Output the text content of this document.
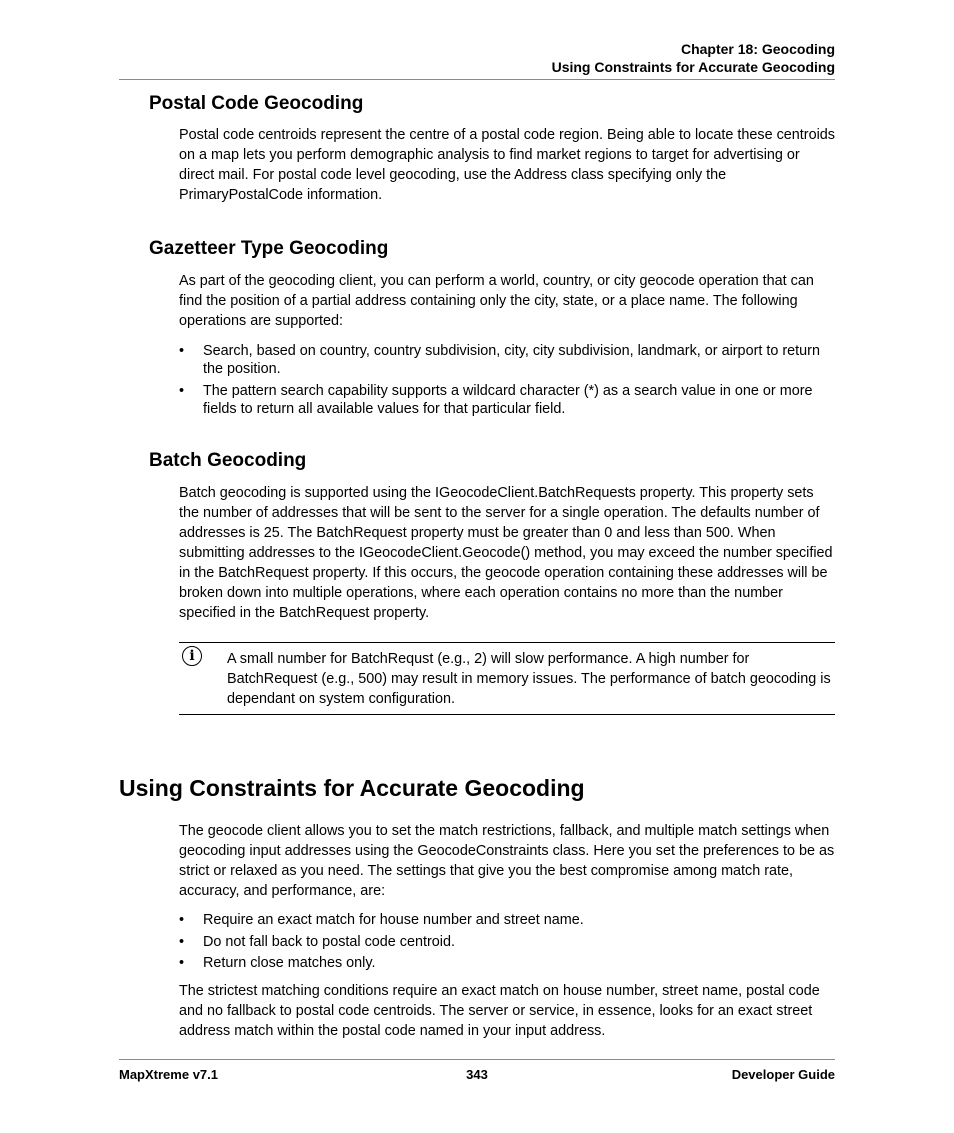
Chapter 18: Geocoding
Using Constraints for Accurate Geocoding
Postal Code Geocoding

Postal code centroids represent the centre of a postal code region. Being able to locate these centroids on a map lets you perform demographic analysis to find market regions to target for advertising or direct mail. For postal code level geocoding, use the Address class specifying only the PrimaryPostalCode information.

Gazetteer Type Geocoding

As part of the geocoding client, you can perform a world, country, or city geocode operation that can find the position of a partial address containing only the city, state, or a place name. The following operations are supported:

• Search, based on country, country subdivision, city, city subdivision, landmark, or airport to return the position.
• The pattern search capability supports a wildcard character (*) as a search value in one or more fields to return all available values for that particular field.
Batch Geocoding

Batch geocoding is supported using the IGeocodeClient.BatchRequests property. This property sets the number of addresses that will be sent to the server for a single operation. The defaults number of addresses is 25. The BatchRequest property must be greater than 0 and less than 500. When submitting addresses to the IGeocodeClient.Geocode() method, you may exceed the number specified in the BatchRequest property. If this occurs, the geocode operation containing these addresses will be broken down into multiple operations, where each operation contains no more than the number specified in the BatchRequest property.

i	A small number for BatchRequst (e.g., 2) will slow performance. A high number for BatchRequest (e.g., 500) may result in memory issues. The performance of batch geocoding is dependant on system configuration.

Using Constraints for Accurate Geocoding

The geocode client allows you to set the match restrictions, fallback, and multiple match settings when geocoding input addresses using the GeocodeConstraints class. Here you set the preferences to be as strict or relaxed as you need. The settings that give you the best compromise among match rate, accuracy, and performance, are:

• Require an exact match for house number and street name.
• Do not fall back to postal code centroid.
• Return close matches only.

The strictest matching conditions require an exact match on house number, street name, postal code and no fallback to postal code centroids. The server or service, in essence, looks for an exact street address match within the postal code named in your input address.

MapXtreme v7.1	343	Developer Guide
